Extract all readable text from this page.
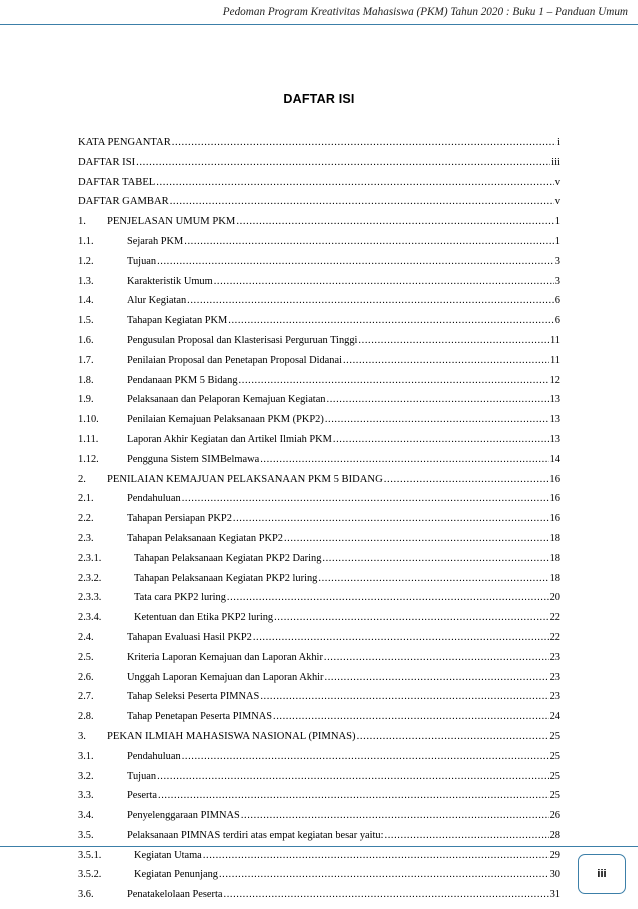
Pedoman Program Kreativitas Mahasiswa (PKM) Tahun 2020 : Buku 1 – Panduan Umum
DAFTAR ISI
KATA PENGANTAR .....	i
DAFTAR ISI .....	iii
DAFTAR TABEL .....	v
DAFTAR GAMBAR .....	v
1.	PENJELASAN UMUM PKM .....	1
1.1.	Sejarah PKM .....	1
1.2.	Tujuan .....	3
1.3.	Karakteristik Umum .....	3
1.4.	Alur Kegiatan .....	6
1.5.	Tahapan Kegiatan PKM .....	6
1.6.	Pengusulan Proposal dan Klasterisasi Perguruan Tinggi .....	11
1.7.	Penilaian Proposal dan Penetapan Proposal Didanai .....	11
1.8.	Pendanaan PKM 5 Bidang .....	12
1.9.	Pelaksanaan dan Pelaporan Kemajuan Kegiatan .....	13
1.10.	Penilaian Kemajuan Pelaksanaan PKM (PKP2) .....	13
1.11.	Laporan Akhir Kegiatan dan Artikel Ilmiah PKM .....	13
1.12.	Pengguna Sistem SIMBelmawa .....	14
2.	PENILAIAN KEMAJUAN PELAKSANAAN PKM 5 BIDANG .....	16
2.1.	Pendahuluan .....	16
2.2.	Tahapan Persiapan PKP2 .....	16
2.3.	Tahapan Pelaksanaan Kegiatan PKP2 .....	18
2.3.1.	Tahapan Pelaksanaan Kegiatan PKP2 Daring .....	18
2.3.2.	Tahapan Pelaksanaan Kegiatan PKP2 luring .....	18
2.3.3.	Tata cara PKP2 luring .....	20
2.3.4.	Ketentuan dan Etika PKP2 luring .....	22
2.4.	Tahapan Evaluasi Hasil PKP2 .....	22
2.5.	Kriteria Laporan Kemajuan dan Laporan Akhir .....	23
2.6.	Unggah Laporan Kemajuan dan Laporan Akhir .....	23
2.7.	Tahap Seleksi Peserta PIMNAS .....	23
2.8.	Tahap Penetapan Peserta PIMNAS .....	24
3.	PEKAN ILMIAH MAHASISWA NASIONAL (PIMNAS) .....	25
3.1.	Pendahuluan .....	25
3.2.	Tujuan .....	25
3.3.	Peserta .....	25
3.4.	Penyelenggaraan PIMNAS .....	26
3.5.	Pelaksanaan PIMNAS terdiri atas empat kegiatan besar yaitu: .....	28
3.5.1.	Kegiatan Utama .....	29
3.5.2.	Kegiatan Penunjang .....	30
3.6.	Penatakelolaan Peserta .....	31
iii
